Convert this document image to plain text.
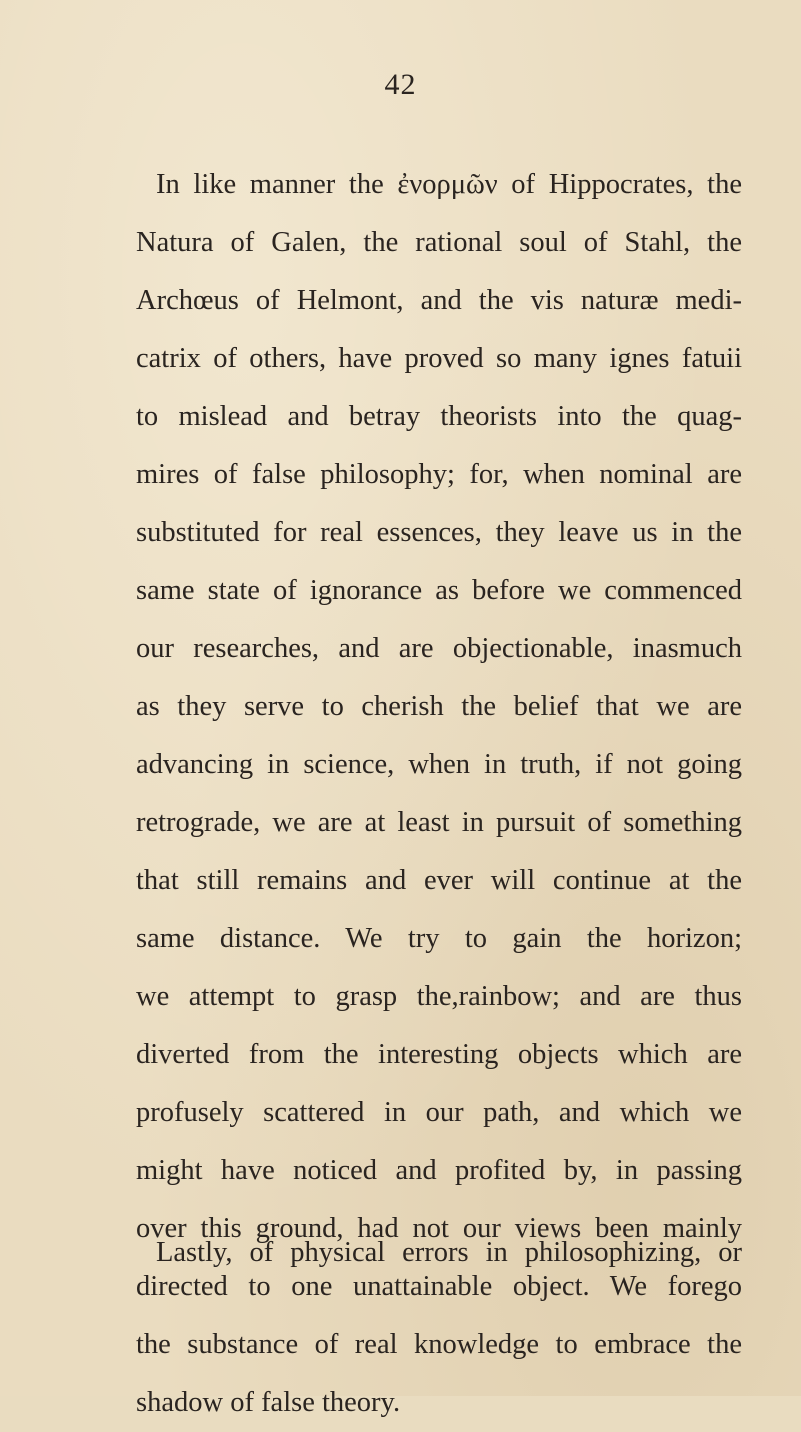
42
In like manner the ἐνορμῶν of Hippocrates, the
Natura of Galen, the rational soul of Stahl, the
Archœus of Helmont, and the vis naturæ medi-
catrix of others, have proved so many ignes fatuii
to mislead and betray theorists into the quag-
mires of false philosophy; for, when nominal are
substituted for real essences, they leave us in the
same state of ignorance as before we commenced
our researches, and are objectionable, inasmuch
as they serve to cherish the belief that we are
advancing in science, when in truth, if not going
retrograde, we are at least in pursuit of something
that still remains and ever will continue at the
same distance. We try to gain the horizon;
we attempt to grasp the,rainbow; and are thus
diverted from the interesting objects which are
profusely scattered in our path, and which we
might have noticed and profited by, in passing
over this ground, had not our views been mainly
directed to one unattainable object. We forego
the substance of real knowledge to embrace the
shadow of false theory.
Lastly, of physical errors in philosophizing, or
